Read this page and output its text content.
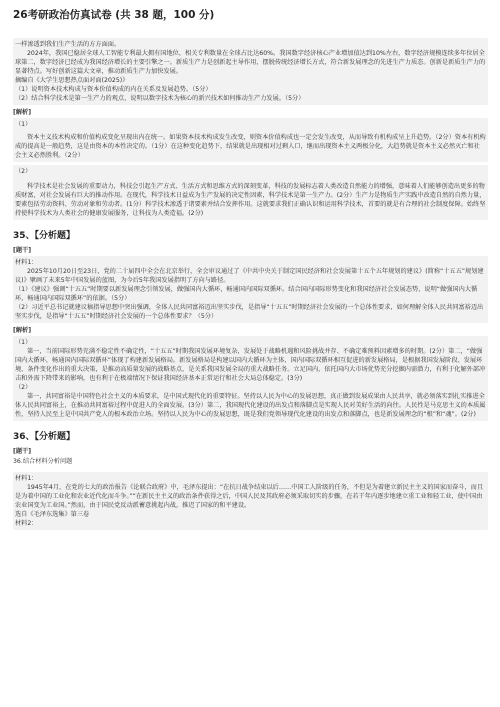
26考研政治仿真试卷 (共 38 题，100 分)

一样渗透到我们生产生活的方方面面。

2024年，我国已稳居全球人工智能专利最大拥有国地位，相关专利数量在全球占比达60%。我国数字经济核心产业增加值达到10%左右，数字经济规模连续多年位居全球第二，数字经济已经成为我国经济增长的主要引擎之一。新质生产力是创新起主导作用，摆脱传统经济增长方式，符合新发展理念的先进生产力质态。创新是新质生产力的显著特点。写好创新这篇大文章，推动新质生产力加快发展。

摘编自《大学生思想热点面对面(2025)》

（1）说明资本技术构成与资本价值构成的内在关系及发展趋势。（5分）

（2）结合科学技术是第一生产力的观点，说明以数字技术为核心的新兴技术如何推动生产力发展。（5分）

[解析]

（1）

资本主义技术构成和价值构成变化呈现出内在统一。如果资本技术构成发生改变，则资本价值构成也一定会发生改变，从而导致有机构成呈上升趋势。（2分）资本有机构成的提高是一般趋势，这是由资本的本性决定的。（1分）在这种变化趋势下，结果就是出现相对过剩人口，继而出现资本主义两极分化，大趋势就是资本主义必然灭亡和社会主义必然胜利。（2分）

（2）

科学技术是社会发展的重要动力，科技会引起生产方式、生活方式和思维方式的深刻变革，科技的发展标志着人类改造自然能力的增强，意味着人们能够创造出更多的物质财富，对社会发展有巨大的推动作用。在现代，科学技术日益成为生产发展的决定性因素，科学技术是第一生产力。(2分）生产力是物质生产实践中改造自然的自然力量，要素包括劳动资料、劳动对象和劳动者。(1分）科学技术渗透于诸要素并结合发挥作用。这就要求我们正确认识和运用科学技术，首要的就是有合理的社会制度保障。始终坚持使科学技术为人类社会的健康发展服务，让科技为人类造福。(2分)

35、【分析题】
[题干]

材料1：

2025年10月20日至23日，党的二十届四中全会在北京举行，全会审议通过了《中共中央关于制定国民经济和社会发展第十五个五年规划的建议》(简称“十五五”规划建议)》擘画了未来5年中国发展的蓝图，为今后5年我国发展指明了方向与路径。

（1）《建议》强调“十五五”时期要以新发展理念引领发展，做强国内大循环，畅通国内国际双循环。结合国内国际形势变化和我国经济社会发展态势，说明“做强国内大循环，畅通国内国际双循环”的依据。（5分）

（2）习近平总书记就建议稿指导思想中突出强调，全体人民共同富裕迈出坚实步伐，是指导“十五五”时期经济社会发展的一个总体性要求，如何理解全体人民共同富裕迈出坚实步伐，是指导“十五五”时期经济社会发展的一个总体性要求？（5分）

[解析]

（1）

第一，当前国际形势充满不稳定性不确定性，“十五五”时期我国发展环境复杂，发展处于战略机遇和风险挑战并存、不确定难预料因素增多的时期。(2分）第二，“做强国内大循环，畅通国内国际双循环”体现了构建新发展格局。新发展格局是构建以国内大循环为主体、国内国际双循环相互促进的新发展格局，是根据我国发展阶段、发展环境、条件变化作出的重大决策，是推动高质量发展的战略基点，是关系我国发展全局的重大战略任务。立足国内，依托国内大市场优势充分挖掘内需潜力，有利于化解外部冲击和外需下降带来的影响，也有利于在极端情况下保证我国经济基本正常运行和社会大局总体稳定。(3分)

（2）

第一，共同富裕是中国特色社会主义的本质要求，是中国式现代化的重要特征。坚持以人民为中心的发展思想，真正做到发展成果由人民共享，就必须落实到扎实推进全体人民共同富裕上，在推动共同富裕过程中促进人的全面发展。(3分）第二，我国现代化建设的出发点和落脚点是实现人民对美好生活的向往。人民性是马克思主义的本质属性，坚持人民至上是中国共产党人的根本政治立场。坚持以人民为中心的发展思想，既是我们党领导现代化建设的出发点和落脚点，也是新发展理念的“根”和“魂”。(2分)

36、【分析题】
[题干]

36.结合材料分析问题

材料1：

1945年4月，在党的七大的政治报告《论联合政府》中，毛泽东提出：“在抗日战争结束以后……中国工人阶级的任务，不但是为着建立新民主主义的国家而奋斗，而且是为着中国的工业化和农业近代化而斗争。”“在新民主主义的政治条件获得之后，中国人民及其政府必须采取切实的步骤，在若干年内逐步地建立重工业和轻工业，使中国由农业国变为工业国。”然而，由于国民党反动派蓄意挑起内战，推迟了国家的和平建设。

选自《毛泽东选集》第三卷

材料2：
